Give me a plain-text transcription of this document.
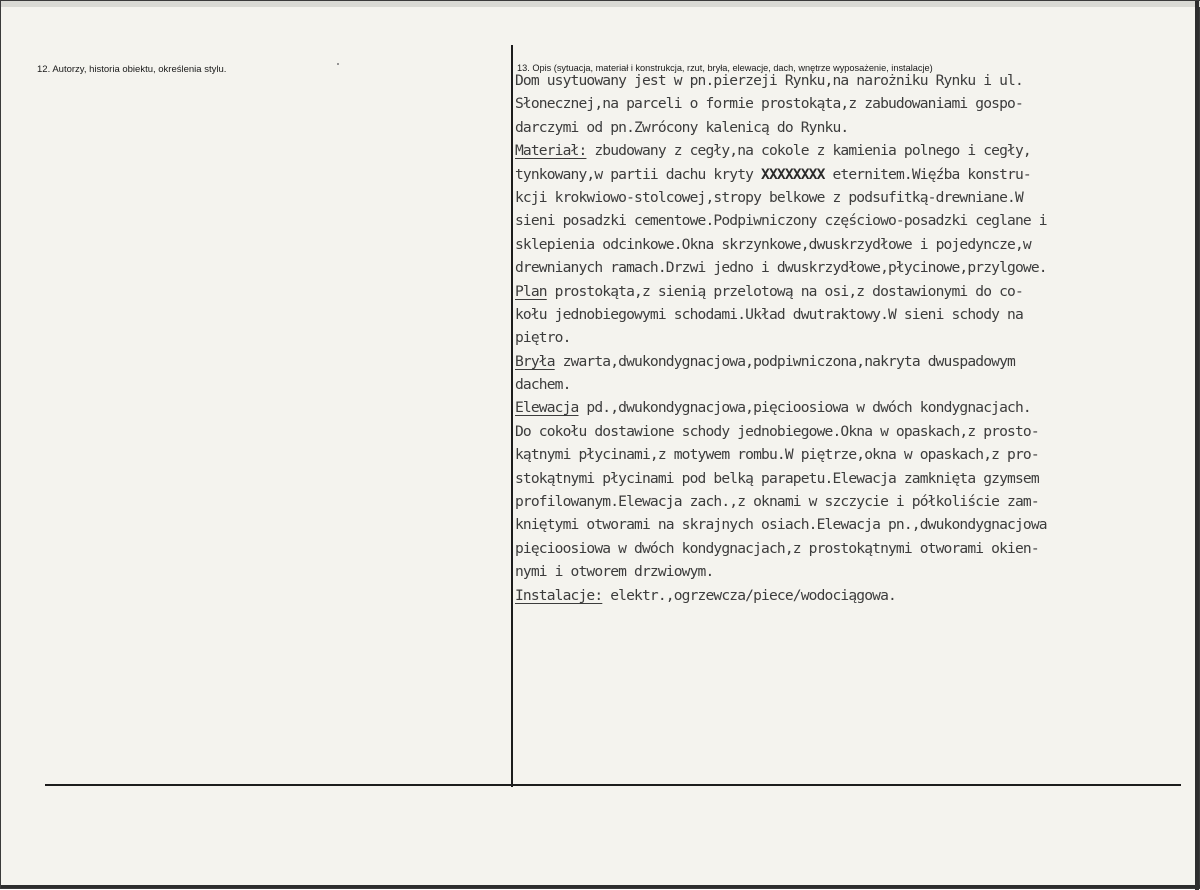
12. Autorzy, historia obiektu, określenia stylu.	13. Opis (sytuacja, materiał i konstrukcja, rzut, bryła, elewacje, dach, wnętrze wyposażenie, instalacje)
Dom usytuowany jest w pn.pierzeji Rynku,na narożniku Rynku i ul.
Słonecznej,na parceli o formie prostokąta,z zabudowaniami gospo-
darczymi od pn.Zwrócony kalenicą do Rynku.
Materiał: zbudowany z cegły,na cokole z kamienia polnego i cegły,
tynkowany,w partii dachu kryty XXXXXXXX eternitem.Więźba konstru-
kcji krokwiowo-stolcowej,stropy belkowe z podsufitką-drewniane.W
sieni posadzki cementowe.Podpiwniczony częściowo-posadzki ceglane i
sklepienia odcinkowe.Okna skrzynkowe,dwuskrzydłowe i pojedyncze,w
drewnianych ramach.Drzwi jedno i dwuskrzydłowe,płycinowe,przylgowe.
Plan prostokąta,z sienią przelotową na osi,z dostawionymi do co-
kołu jednobiegowymi schodami.Układ dwutraktowy.W sieni schody na
piętro.
Bryła zwarta,dwukondygnacjowa,podpiwniczona,nakryta dwuspadowym
dachem.
Elewacja pd.,dwukondygnacjowa,pięcioosiowa w dwóch kondygnacjach.
Do cokołu dostawione schody jednobiegowe.Okna w opaskach,z prosto-
kątnymi płycinami,z motywem rombu.W piętrze,okna w opaskach,z pro-
stokątnymi płycinami pod belką parapetu.Elewacja zamknięta gzymsem
profilowanym.Elewacja zach.,z oknami w szczycie i półkoliście zam-
kniętymi otworami na skrajnych osiach.Elewacja pn.,dwukondygnacjowa
pięcioosiowa w dwóch kondygnacjach,z prostokątnymi otworami okien-
nymi i otworem drzwiowym.
Instalacje: elektr.,ogrzewcza/piece/wodociągowa.
